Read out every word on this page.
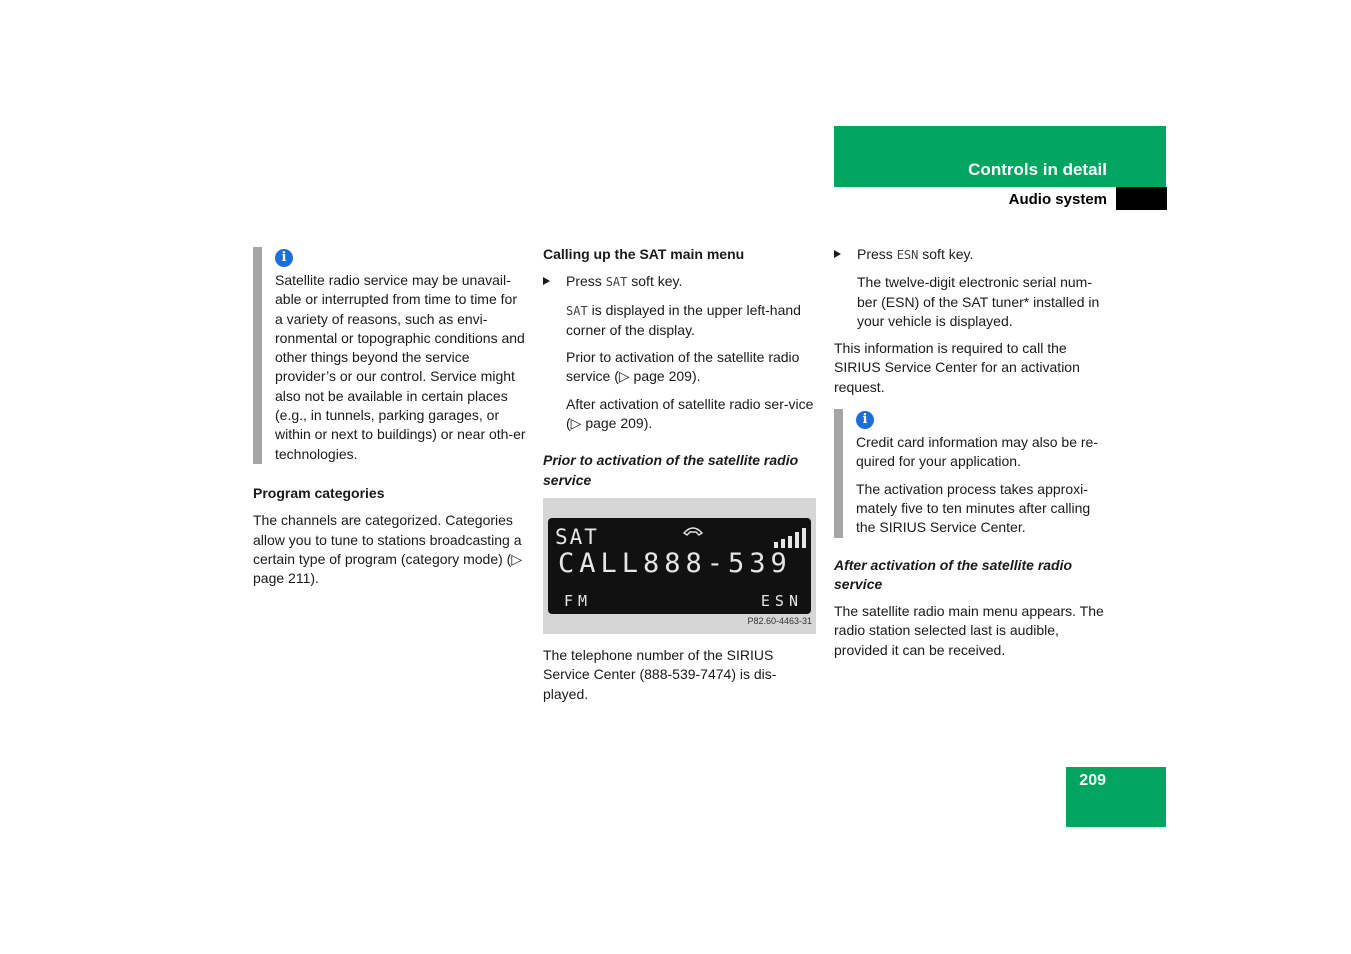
Controls in detail
Audio system
i

Satellite radio service may be unavail-able or interrupted from time to time for a variety of reasons, such as envi-ronmental or topographic conditions and other things beyond the service provider’s or our control. Service might also not be available in certain places (e.g., in tunnels, parking garages, or within or next to buildings) or near oth-er technologies.

Program categories

The channels are categorized. Categories allow you to tune to stations broadcasting a certain type of program (category mode) (▷ page 211).

Calling up the SAT main menu

Press SAT soft key.

SAT is displayed in the upper left-hand corner of the display.

Prior to activation of the satellite radio service (▷ page 209).

After activation of satellite radio ser-vice (▷ page 209).

Prior to activation of the satellite radio service

SAT
CALL888-539
FM	ESN
P82.60-4463-31

The telephone number of the SIRIUS Service Center (888-539-7474) is dis-played.

Press ESN soft key.

The twelve-digit electronic serial num-ber (ESN) of the SAT tuner* installed in your vehicle is displayed.

This information is required to call the SIRIUS Service Center for an activation request.

i

Credit card information may also be re-quired for your application.

The activation process takes approxi-mately five to ten minutes after calling the SIRIUS Service Center.

After activation of the satellite radio service

The satellite radio main menu appears. The radio station selected last is audible, provided it can be received.

209
